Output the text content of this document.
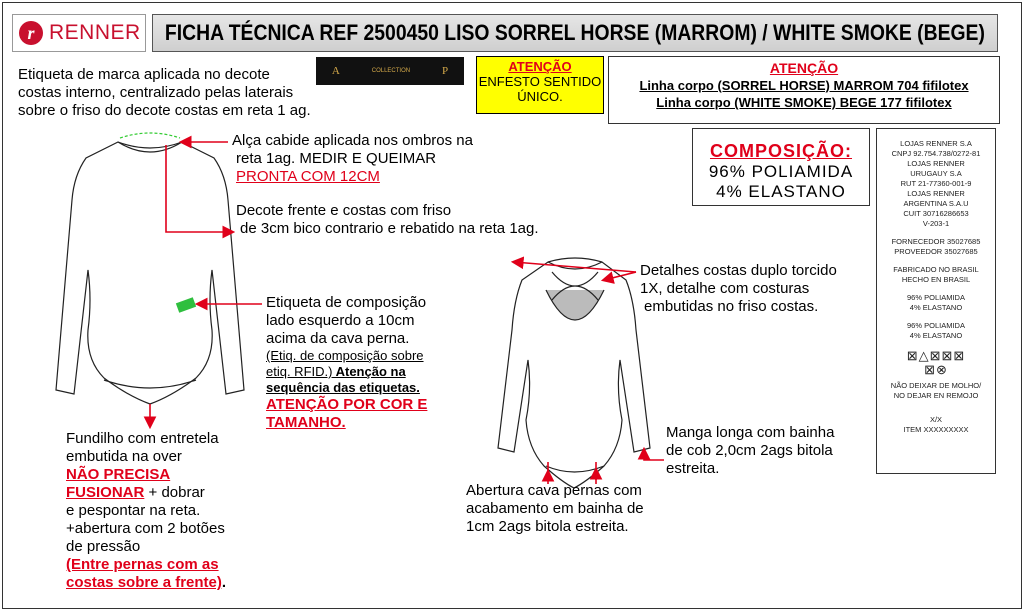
r RENNER FICHA TÉCNICA REF 2500450 LISO SORREL HORSE (MARROM) / WHITE SMOKE (BEGE)
Etiqueta de marca aplicada no decote
costas interno, centralizado pelas laterais
sobre o friso do decote costas em reta 1 ag.
A	COLLECTION	P	ATENÇÃO
ENFESTO SENTIDO
ÚNICO.
ATENÇÃO
Linha corpo (SORREL HORSE) MARROM 704 fifilotex
Linha corpo (WHITE SMOKE) BEGE 177 fifilotex
COMPOSIÇÃO:
96% POLIAMIDA
4% ELASTANO
LOJAS RENNER S.A
CNPJ 92.754.738/0272-81
LOJAS RENNER
URUGAUY S.A
RUT 21-77360-001-9
LOJAS RENNER
ARGENTINA S.A.U
CUIT 30716286653
V-203-1
FORNECEDOR 35027685
PROVEEDOR 35027685
FABRICADO NO BRASIL
HECHO EN BRASIL
96% POLIAMIDA
4% ELASTANO
96% POLIAMIDA
4% ELASTANO
⊠△⊠⊠⊠
⊠⊗
NÃO DEIXAR DE MOLHO/
NO DEJAR EN REMOJO
X/X
ITEM XXXXXXXXX
Alça cabide aplicada nos ombros na
reta 1ag. MEDIR E QUEIMAR
PRONTA COM 12CM
Decote frente e costas com friso
de 3cm bico contrario e rebatido na reta 1ag.
Etiqueta de composição
lado esquerdo a 10cm
acima da cava perna.
(Etiq. de composição sobre
etiq. RFID.) Atenção na
sequência das etiquetas.
ATENÇÃO POR COR E
TAMANHO.
Fundilho com entretela
embutida na over
NÃO PRECISA
FUSIONAR + dobrar
e pespontar na reta.
+abertura com 2 botões
de pressão
(Entre pernas com as
costas sobre a frente).
Detalhes costas duplo torcido
1X, detalhe com costuras
embutidas no friso costas.
Manga longa com bainha
de cob 2,0cm 2ags bitola
estreita.
Abertura cava pernas com
acabamento em bainha de
1cm 2ags bitola estreita.
